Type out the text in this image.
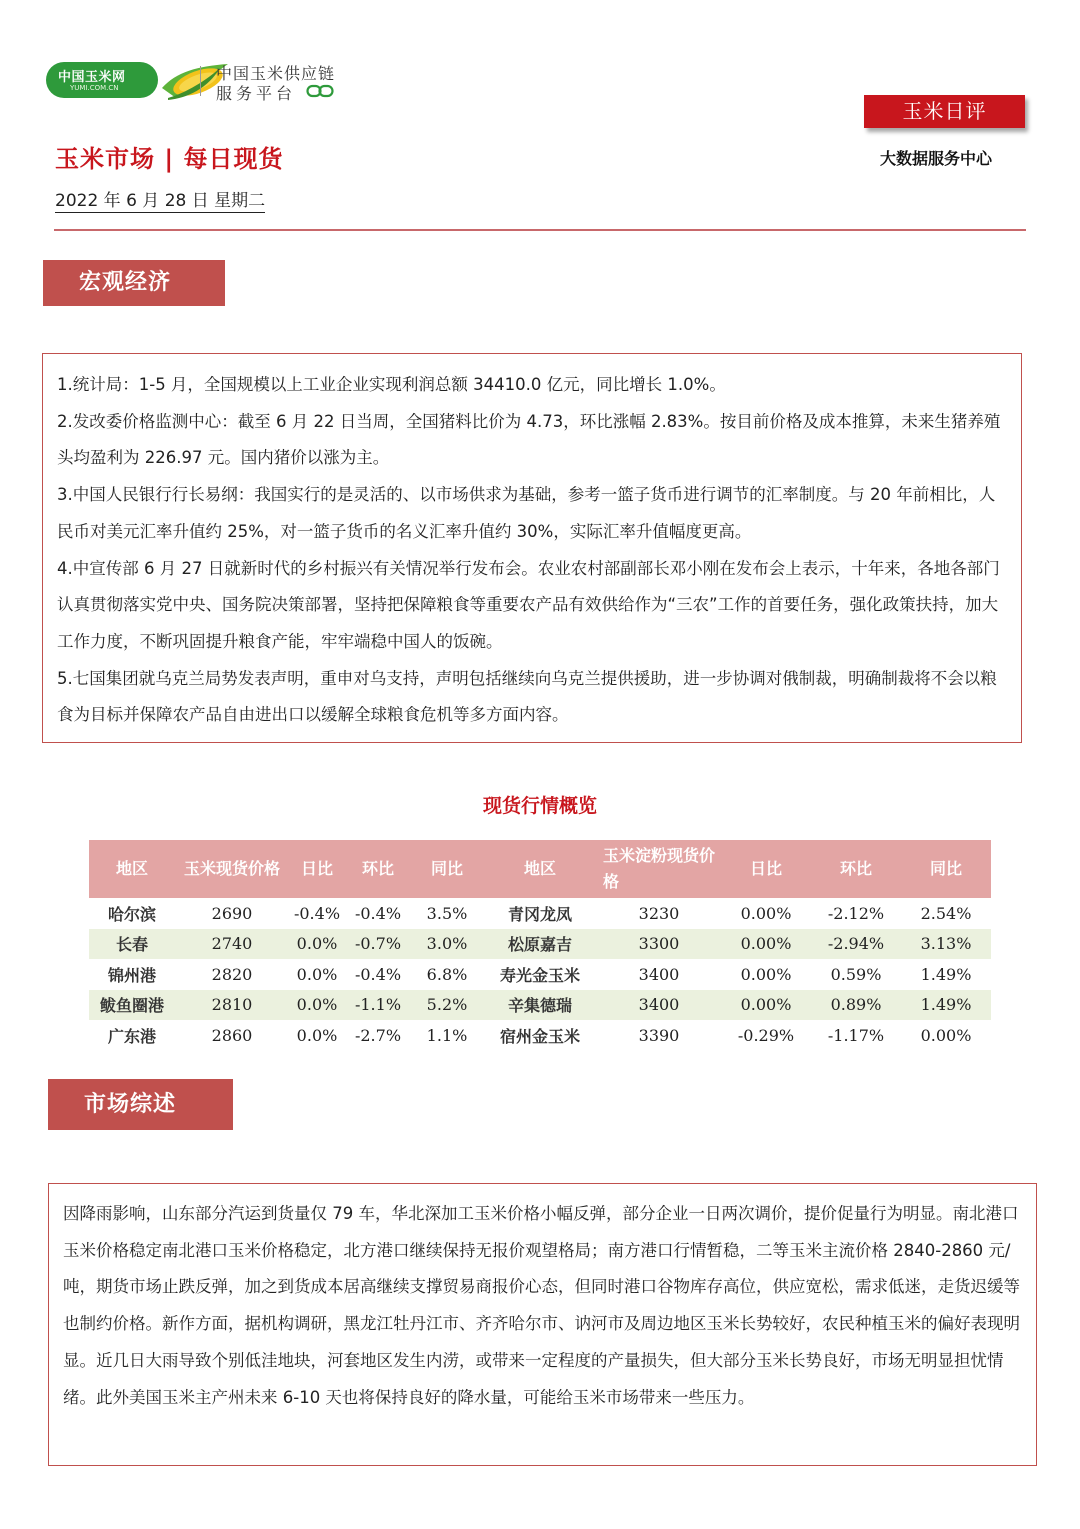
中国玉米网
YUMI.COM.CN
中国玉米供应链
服务平台
玉米日评
大数据服务中心
玉米市场 | 每日现货
2022 年 6 月 28 日 星期二
宏观经济

1.统计局：1-5 月，全国规模以上工业企业实现利润总额 34410.0 亿元，同比增长 1.0%。

2.发改委价格监测中心：截至 6 月 22 日当周，全国猪料比价为 4.73，环比涨幅 2.83%。按目前价格及成本推算，未来生猪养殖头均盈利为 226.97 元。国内猪价以涨为主。

3.中国人民银行行长易纲：我国实行的是灵活的、以市场供求为基础，参考一篮子货币进行调节的汇率制度。与 20 年前相比，人民币对美元汇率升值约 25%，对一篮子货币的名义汇率升值约 30%，实际汇率升值幅度更高。

4.中宣传部 6 月 27 日就新时代的乡村振兴有关情况举行发布会。农业农村部副部长邓小刚在发布会上表示，十年来，各地各部门认真贯彻落实党中央、国务院决策部署，坚持把保障粮食等重要农产品有效供给作为“三农”工作的首要任务，强化政策扶持，加大工作力度，不断巩固提升粮食产能，牢牢端稳中国人的饭碗。

5.七国集团就乌克兰局势发表声明，重申对乌支持，声明包括继续向乌克兰提供援助，进一步协调对俄制裁，明确制裁将不会以粮食为目标并保障农产品自由进出口以缓解全球粮食危机等多方面内容。

现货行情概览
地区	玉米现货价格	日比	环比	同比	地区	玉米淀粉现货价格	日比	环比	同比
哈尔滨	2690	-0.4%	-0.4%	3.5%	青冈龙凤	3230	0.00%	-2.12%	2.54%
长春	2740	0.0%	-0.7%	3.0%	松原嘉吉	3300	0.00%	-2.94%	3.13%
锦州港	2820	0.0%	-0.4%	6.8%	寿光金玉米	3400	0.00%	0.59%	1.49%
鲅鱼圈港	2810	0.0%	-1.1%	5.2%	辛集德瑞	3400	0.00%	0.89%	1.49%
广东港	2860	0.0%	-2.7%	1.1%	宿州金玉米	3390	-0.29%	-1.17%	0.00%
市场综述

因降雨影响，山东部分汽运到货量仅 79 车，华北深加工玉米价格小幅反弹，部分企业一日两次调价，提价促量行为明显。南北港口玉米价格稳定南北港口玉米价格稳定，北方港口继续保持无报价观望格局；南方港口行情暂稳，二等玉米主流价格 2840-2860 元/吨，期货市场止跌反弹，加之到货成本居高继续支撑贸易商报价心态，但同时港口谷物库存高位，供应宽松，需求低迷，走货迟缓等也制约价格。新作方面，据机构调研，黑龙江牡丹江市、齐齐哈尔市、讷河市及周边地区玉米长势较好，农民种植玉米的偏好表现明显。近几日大雨导致个别低洼地块，河套地区发生内涝，或带来一定程度的产量损失，但大部分玉米长势良好，市场无明显担忧情绪。此外美国玉米主产州未来 6-10 天也将保持良好的降水量，可能给玉米市场带来一些压力。
